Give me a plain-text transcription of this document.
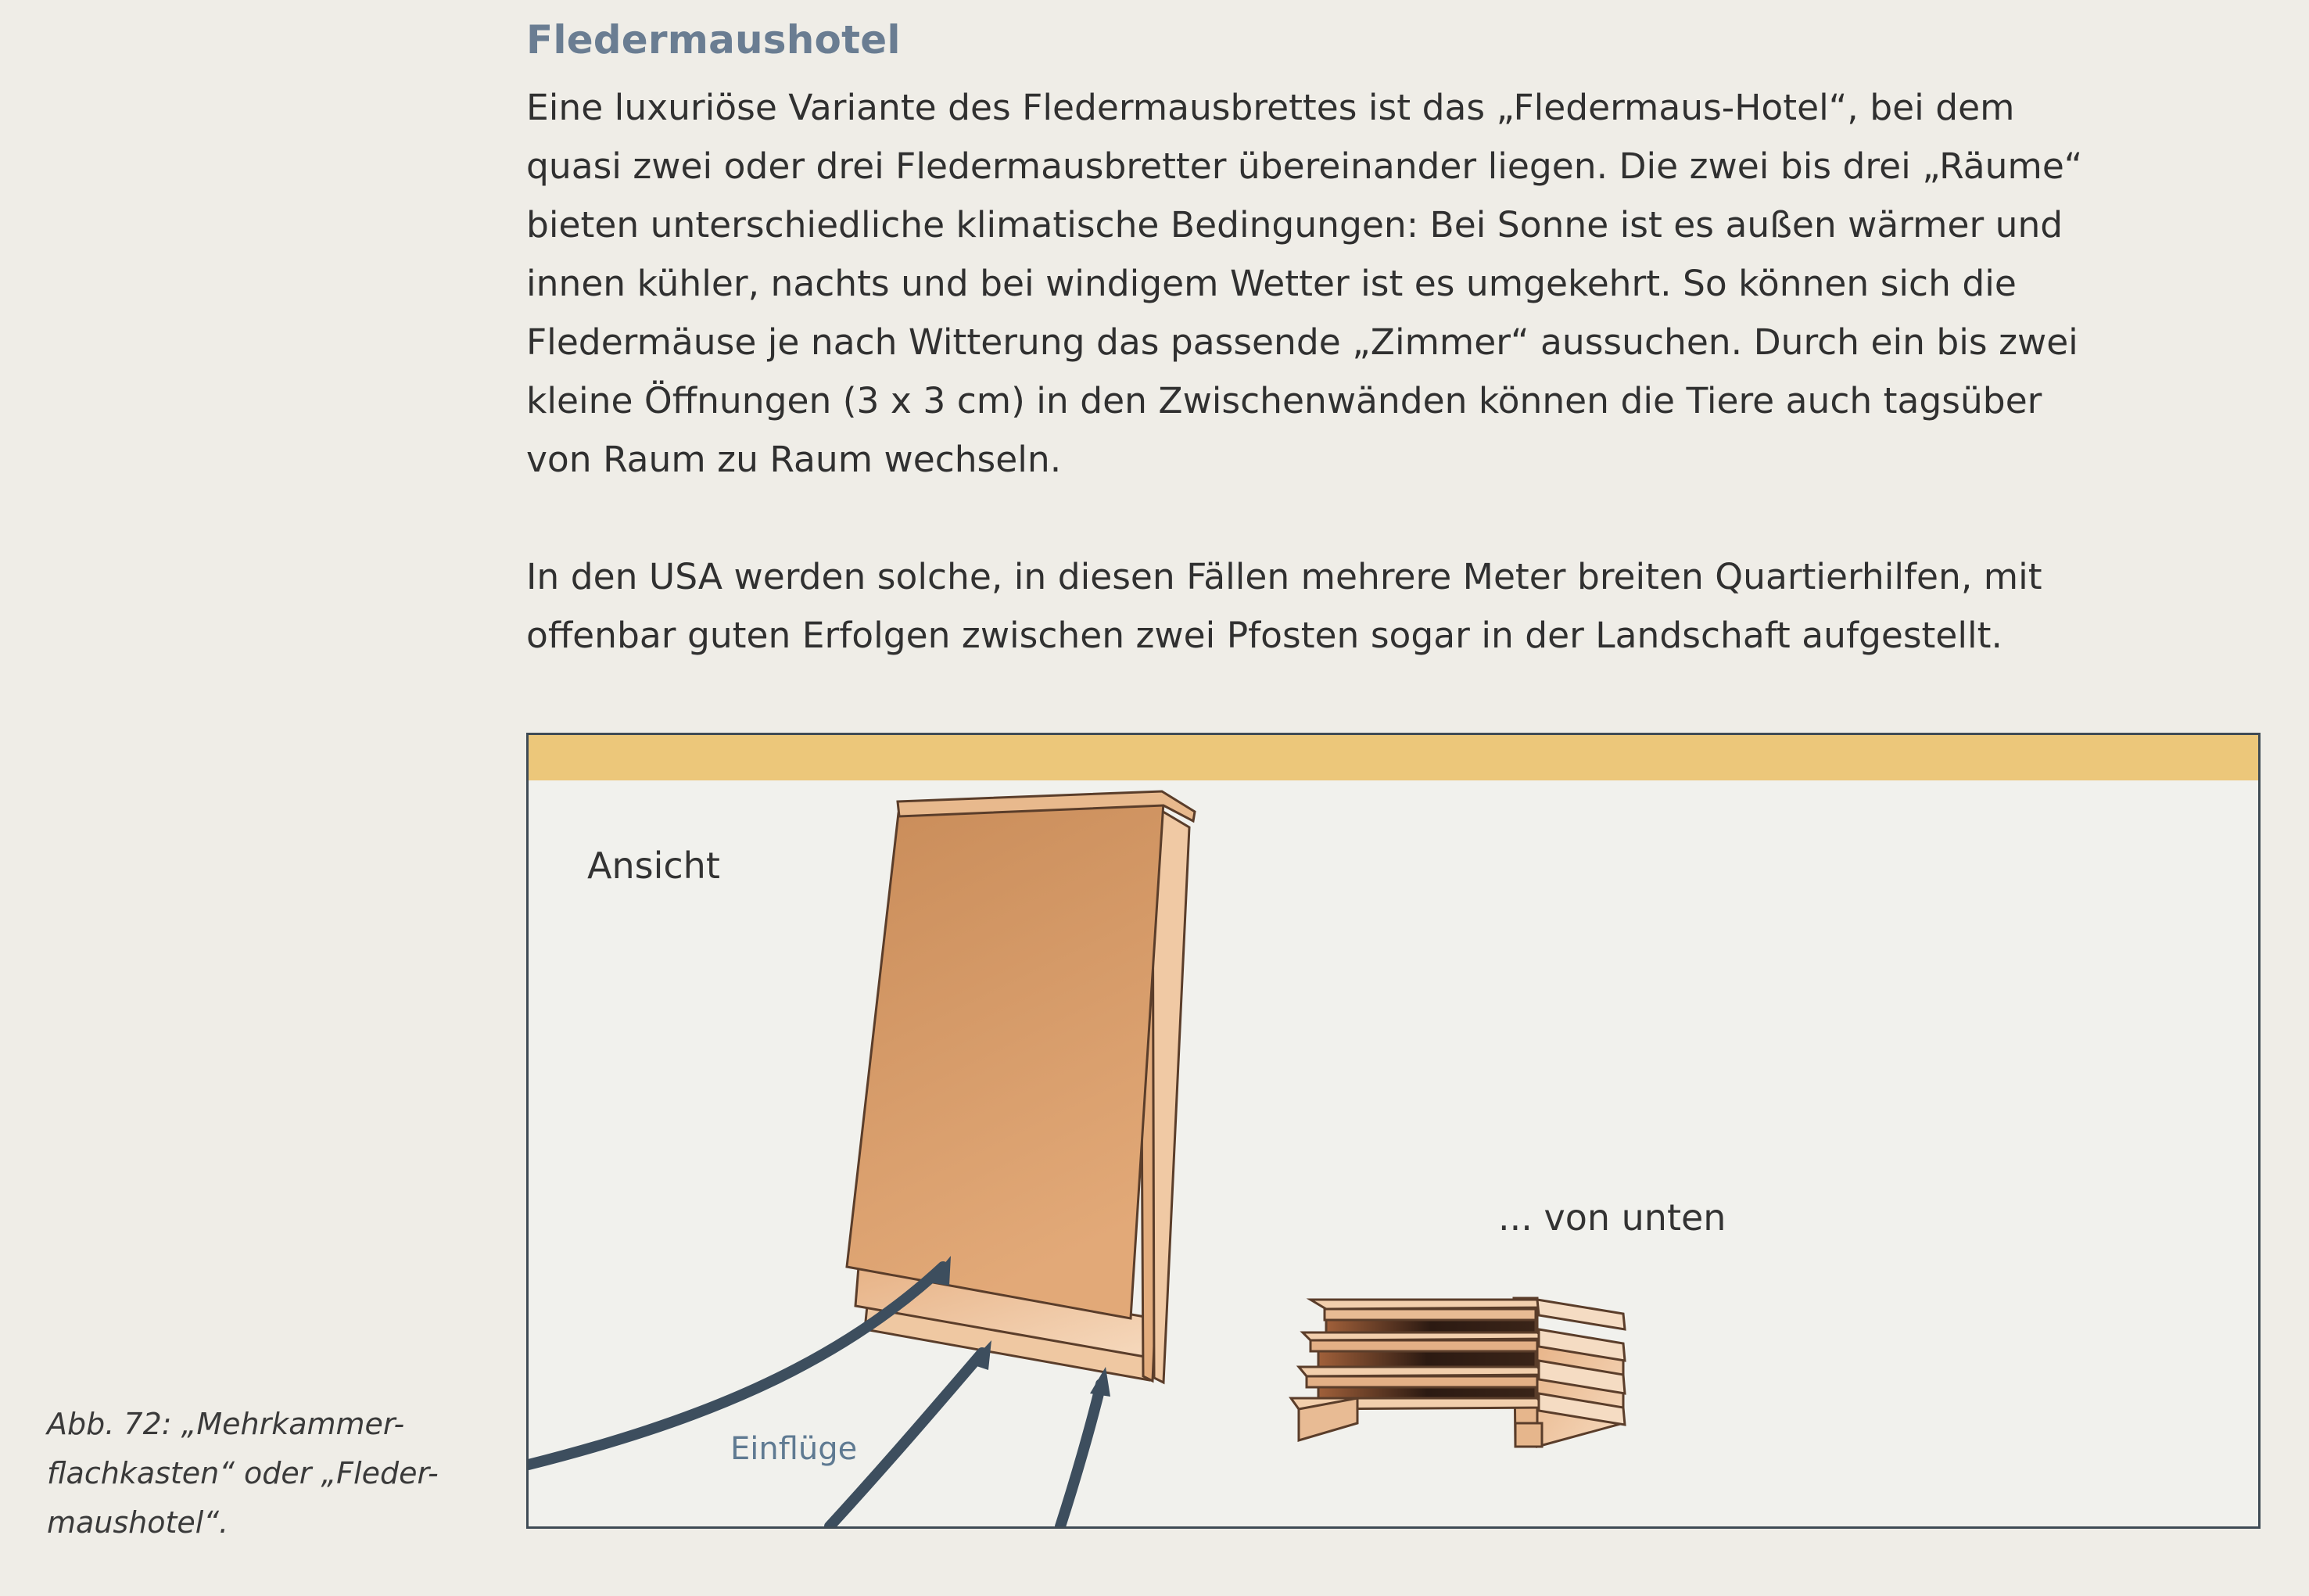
Fledermaushotel

Eine luxuriöse Variante des Fledermausbrettes ist das „Fledermaus-Hotel“, bei dem
quasi zwei oder drei Fledermausbretter übereinander liegen. Die zwei bis drei „Räume“
bieten unterschiedliche klimatische Bedingungen: Bei Sonne ist es außen wärmer und
innen kühler, nachts und bei windigem Wetter ist es umgekehrt. So können sich die
Fledermäuse je nach Witterung das passende „Zimmer“ aussuchen. Durch ein bis zwei
kleine Öffnungen (3 x 3 cm) in den Zwischenwänden können die Tiere auch tagsüber
von Raum zu Raum wechseln.

In den USA werden solche, in diesen Fällen mehrere Meter breiten Quartierhilfen, mit
offenbar guten Erfolgen zwischen zwei Pfosten sogar in der Landschaft aufgestellt.

Ansicht
... von unten
Einflüge
Abb. 72: „Mehrkammer-
flachkasten“ oder „Fleder-
maushotel“.
